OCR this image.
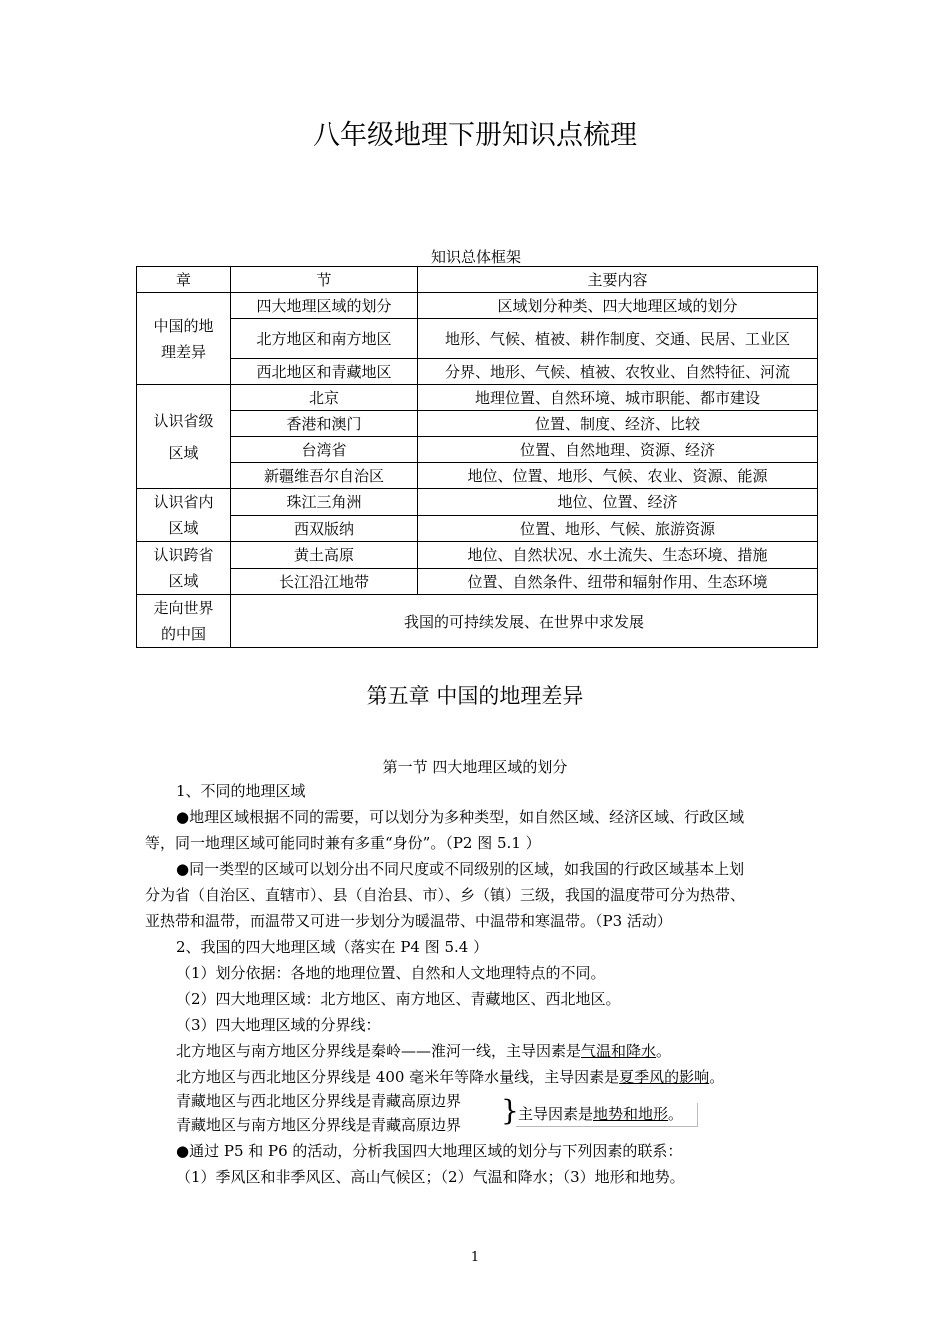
八年级地理下册知识点梳理
知识总体框架
章	节	主要内容
中国的地理差异	四大地理区域的划分	区域划分种类、四大地理区域的划分
	北方地区和南方地区	地形、气候、植被、耕作制度、交通、民居、工业区
	西北地区和青藏地区	分界、地形、气候、植被、农牧业、自然特征、河流
认识省级区域	北京	地理位置、自然环境、城市职能、都市建设
	香港和澳门	位置、制度、经济、比较
	台湾省	位置、自然地理、资源、经济
	新疆维吾尔自治区	地位、位置、地形、气候、农业、资源、能源
认识省内区域	珠江三角洲	地位、位置、经济
	西双版纳	位置、地形、气候、旅游资源
认识跨省区域	黄土高原	地位、自然状况、水土流失、生态环境、措施
	长江沿江地带	位置、自然条件、纽带和辐射作用、生态环境
走向世界的中国	我国的可持续发展、在世界中求发展	
第五章 中国的地理差异
第一节 四大地理区域的划分
1、不同的地理区域
●地理区域根据不同的需要，可以划分为多种类型，如自然区域、经济区域、行政区域
等，同一地理区域可能同时兼有多重“身份”。（P2 图 5.1 ）
●同一类型的区域可以划分出不同尺度或不同级别的区域，如我国的行政区域基本上划
分为省（自治区、直辖市）、县（自治县、市）、乡（镇）三级，我国的温度带可分为热带、
亚热带和温带，而温带又可进一步划分为暖温带、中温带和寒温带。（P3 活动）
2、我国的四大地理区域（落实在 P4 图 5.4 ）
（1）划分依据：各地的地理位置、自然和人文地理特点的不同。
（2）四大地理区域：北方地区、南方地区、青藏地区、西北地区。
（3）四大地理区域的分界线：
北方地区与南方地区分界线是秦岭——淮河一线，主导因素是气温和降水。
北方地区与西北地区分界线是 400 毫米年等降水量线，主导因素是夏季风的影响。
青藏地区与西北地区分界线是青藏高原边界
青藏地区与南方地区分界线是青藏高原边界 } 主导因素是地势和地形。
●通过 P5 和 P6 的活动，分析我国四大地理区域的划分与下列因素的联系：
（1）季风区和非季风区、高山气候区；（2）气温和降水；（3）地形和地势。
1
